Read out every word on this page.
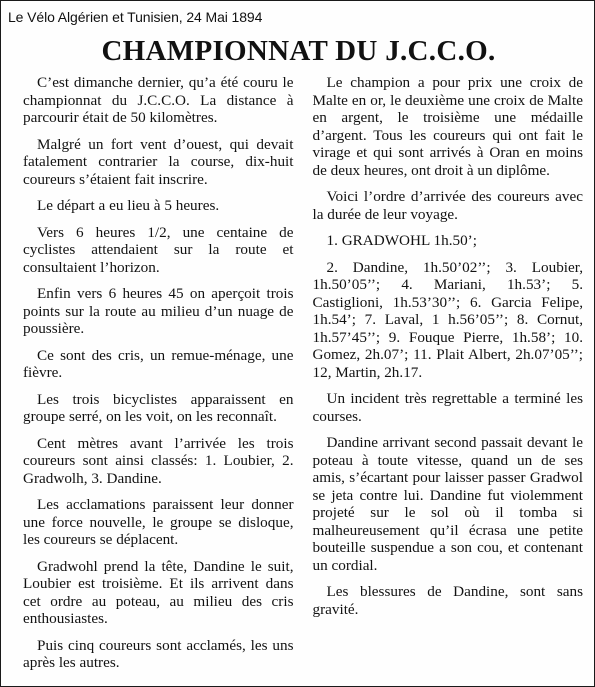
Le Vélo Algérien et Tunisien, 24 Mai 1894
CHAMPIONNAT DU J.C.C.O.

C’est dimanche dernier, qu’a été couru le championnat du J.C.C.O. La distance à parcourir était de 50 kilomètres.

Malgré un fort vent d’ouest, qui devait fatalement contrarier la course, dix-huit coureurs s’étaient fait inscrire.

Le départ a eu lieu à 5 heures.

Vers 6 heures 1/2, une centaine de cyclistes attendaient sur la route et consultaient l’horizon.

Enfin vers 6 heures 45 on aperçoit trois points sur la route au milieu d’un nuage de poussière.

Ce sont des cris, un remue-ménage, une fièvre.

Les trois bicyclistes apparaissent en groupe serré, on les voit, on les reconnaît.

Cent mètres avant l’arrivée les trois coureurs sont ainsi classés: 1. Loubier, 2. Gradwolh, 3. Dandine.

Les acclamations paraissent leur donner une force nouvelle, le groupe se disloque, les coureurs se déplacent.

Gradwohl prend la tête, Dandine le suit, Loubier est troisième. Et ils arrivent dans cet ordre au poteau, au milieu des cris enthousiastes.

Puis cinq coureurs sont acclamés, les uns après les autres.

Le champion a pour prix une croix de Malte en or, le deuxième une croix de Malte en argent, le troisième une médaille d’argent. Tous les coureurs qui ont fait le virage et qui sont arrivés à Oran en moins de deux heures, ont droit à un diplôme.

Voici l’ordre d’arrivée des coureurs avec la durée de leur voyage.

1. GRADWOHL 1h.50’;

2. Dandine, 1h.50’02’’; 3. Loubier, 1h.50’05’’; 4. Mariani, 1h.53’; 5. Castiglioni, 1h.53’30’’; 6. Garcia Felipe, 1h.54’; 7. Laval, 1 h.56’05’’; 8. Cornut, 1h.57’45’’; 9. Fouque Pierre, 1h.58’; 10. Gomez, 2h.07’; 11. Plait Albert, 2h.07’05’’; 12, Martin, 2h.17.

Un incident très regrettable a terminé les courses.

Dandine arrivant second passait devant le poteau à toute vitesse, quand un de ses amis, s’écartant pour laisser passer Gradwol se jeta contre lui. Dandine fut violemment projeté sur le sol où il tomba si malheureusement qu’il écrasa une petite bouteille suspendue a son cou, et contenant un cordial.

Les blessures de Dandine, sont sans gravité.
